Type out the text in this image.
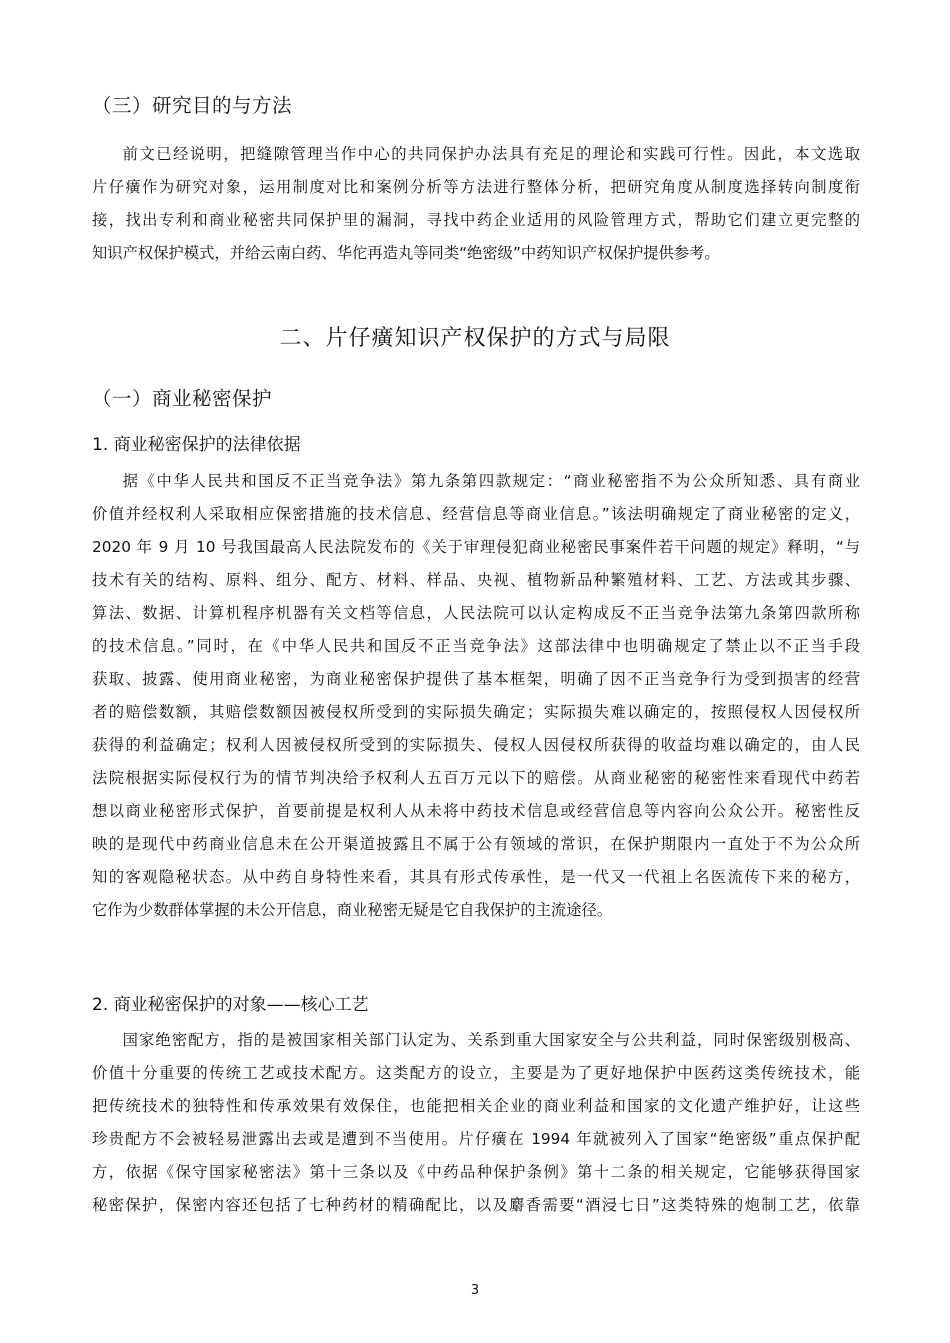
（三）研究目的与方法
前文已经说明，把缝隙管理当作中心的共同保护办法具有充足的理论和实践可行性。因此，本文选取
片仔癀作为研究对象，运用制度对比和案例分析等方法进行整体分析，把研究角度从制度选择转向制度衔
接，找出专利和商业秘密共同保护里的漏洞，寻找中药企业适用的风险管理方式，帮助它们建立更完整的
知识产权保护模式，并给云南白药、华佗再造丸等同类“绝密级”中药知识产权保护提供参考。
二、片仔癀知识产权保护的方式与局限
（一）商业秘密保护
1. 商业秘密保护的法律依据
据《中华人民共和国反不正当竞争法》第九条第四款规定：“商业秘密指不为公众所知悉、具有商业
价值并经权利人采取相应保密措施的技术信息、经营信息等商业信息。”该法明确规定了商业秘密的定义，
2020 年 9 月 10 号我国最高人民法院发布的《关于审理侵犯商业秘密民事案件若干问题的规定》释明，“与
技术有关的结构、原料、组分、配方、材料、样品、央视、植物新品种繁殖材料、工艺、方法或其步骤、
算法、数据、计算机程序机器有关文档等信息，人民法院可以认定构成反不正当竞争法第九条第四款所称
的技术信息。”同时，在《中华人民共和国反不正当竞争法》这部法律中也明确规定了禁止以不正当手段
获取、披露、使用商业秘密，为商业秘密保护提供了基本框架，明确了因不正当竞争行为受到损害的经营
者的赔偿数额，其赔偿数额因被侵权所受到的实际损失确定；实际损失难以确定的，按照侵权人因侵权所
获得的利益确定；权利人因被侵权所受到的实际损失、侵权人因侵权所获得的收益均难以确定的，由人民
法院根据实际侵权行为的情节判决给予权利人五百万元以下的赔偿。从商业秘密的秘密性来看现代中药若
想以商业秘密形式保护，首要前提是权利人从未将中药技术信息或经营信息等内容向公众公开。秘密性反
映的是现代中药商业信息未在公开渠道披露且不属于公有领域的常识，在保护期限内一直处于不为公众所
知的客观隐秘状态。从中药自身特性来看，其具有形式传承性，是一代又一代祖上名医流传下来的秘方，
它作为少数群体掌握的未公开信息，商业秘密无疑是它自我保护的主流途径。
2. 商业秘密保护的对象——核心工艺
国家绝密配方，指的是被国家相关部门认定为、关系到重大国家安全与公共利益，同时保密级别极高、
价值十分重要的传统工艺或技术配方。这类配方的设立，主要是为了更好地保护中医药这类传统技术，能
把传统技术的独特性和传承效果有效保住，也能把相关企业的商业利益和国家的文化遗产维护好，让这些
珍贵配方不会被轻易泄露出去或是遭到不当使用。片仔癀在 1994 年就被列入了国家“绝密级”重点保护配
方，依据《保守国家秘密法》第十三条以及《中药品种保护条例》第十二条的相关规定，它能够获得国家
秘密保护，保密内容还包括了七种药材的精确配比，以及麝香需要“酒浸七日”这类特殊的炮制工艺，依靠
3
